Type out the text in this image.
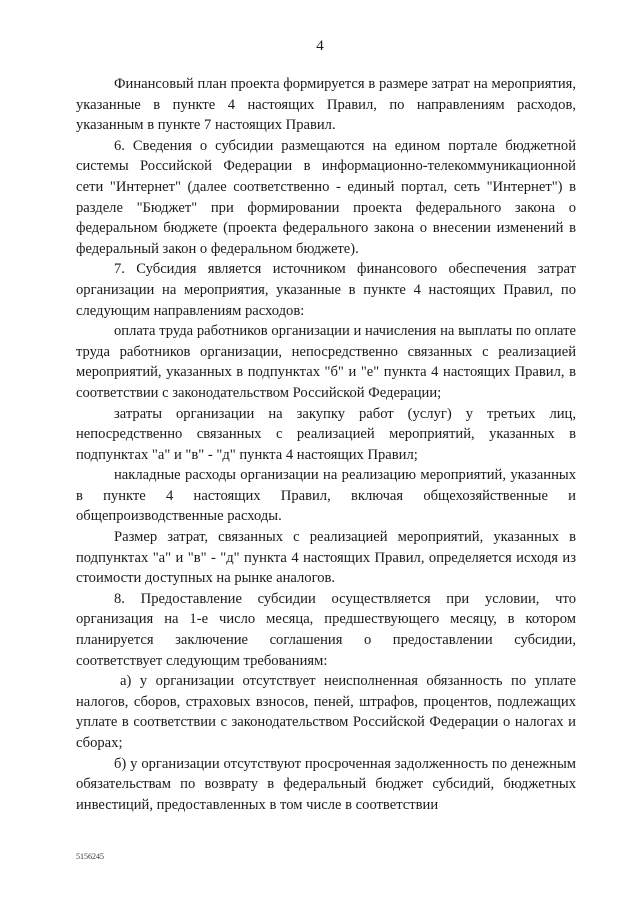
4

Финансовый план проекта формируется в размере затрат на мероприятия, указанные в пункте 4 настоящих Правил, по направлениям расходов, указанным в пункте 7 настоящих Правил.

6. Сведения о субсидии размещаются на едином портале бюджетной системы Российской Федерации в информационно-телекоммуникационной сети "Интернет" (далее соответственно - единый портал, сеть "Интернет") в разделе "Бюджет" при формировании проекта федерального закона о федеральном бюджете (проекта федерального закона о внесении изменений в федеральный закон о федеральном бюджете).

7. Субсидия является источником финансового обеспечения затрат организации на мероприятия, указанные в пункте 4 настоящих Правил, по следующим направлениям расходов:

оплата труда работников организации и начисления на выплаты по оплате труда работников организации, непосредственно связанных с реализацией мероприятий, указанных в подпунктах "б" и "е" пункта 4 настоящих Правил, в соответствии с законодательством Российской Федерации;

затраты организации на закупку работ (услуг) у третьих лиц, непосредственно связанных с реализацией мероприятий, указанных в подпунктах "а" и "в" - "д" пункта 4 настоящих Правил;

накладные расходы организации на реализацию мероприятий, указанных в пункте 4 настоящих Правил, включая общехозяйственные и общепроизводственные расходы.

Размер затрат, связанных с реализацией мероприятий, указанных в подпунктах "а" и "в" - "д" пункта 4 настоящих Правил, определяется исходя из стоимости доступных на рынке аналогов.

8. Предоставление субсидии осуществляется при условии, что организация на 1-е число месяца, предшествующего месяцу, в котором планируется заключение соглашения о предоставлении субсидии, соответствует следующим требованиям:

а) у организации отсутствует неисполненная обязанность по уплате налогов, сборов, страховых взносов, пеней, штрафов, процентов, подлежащих уплате в соответствии с законодательством Российской Федерации о налогах и сборах;

б) у организации отсутствуют просроченная задолженность по денежным обязательствам по возврату в федеральный бюджет субсидий, бюджетных инвестиций, предоставленных в том числе в соответствии

5156245
